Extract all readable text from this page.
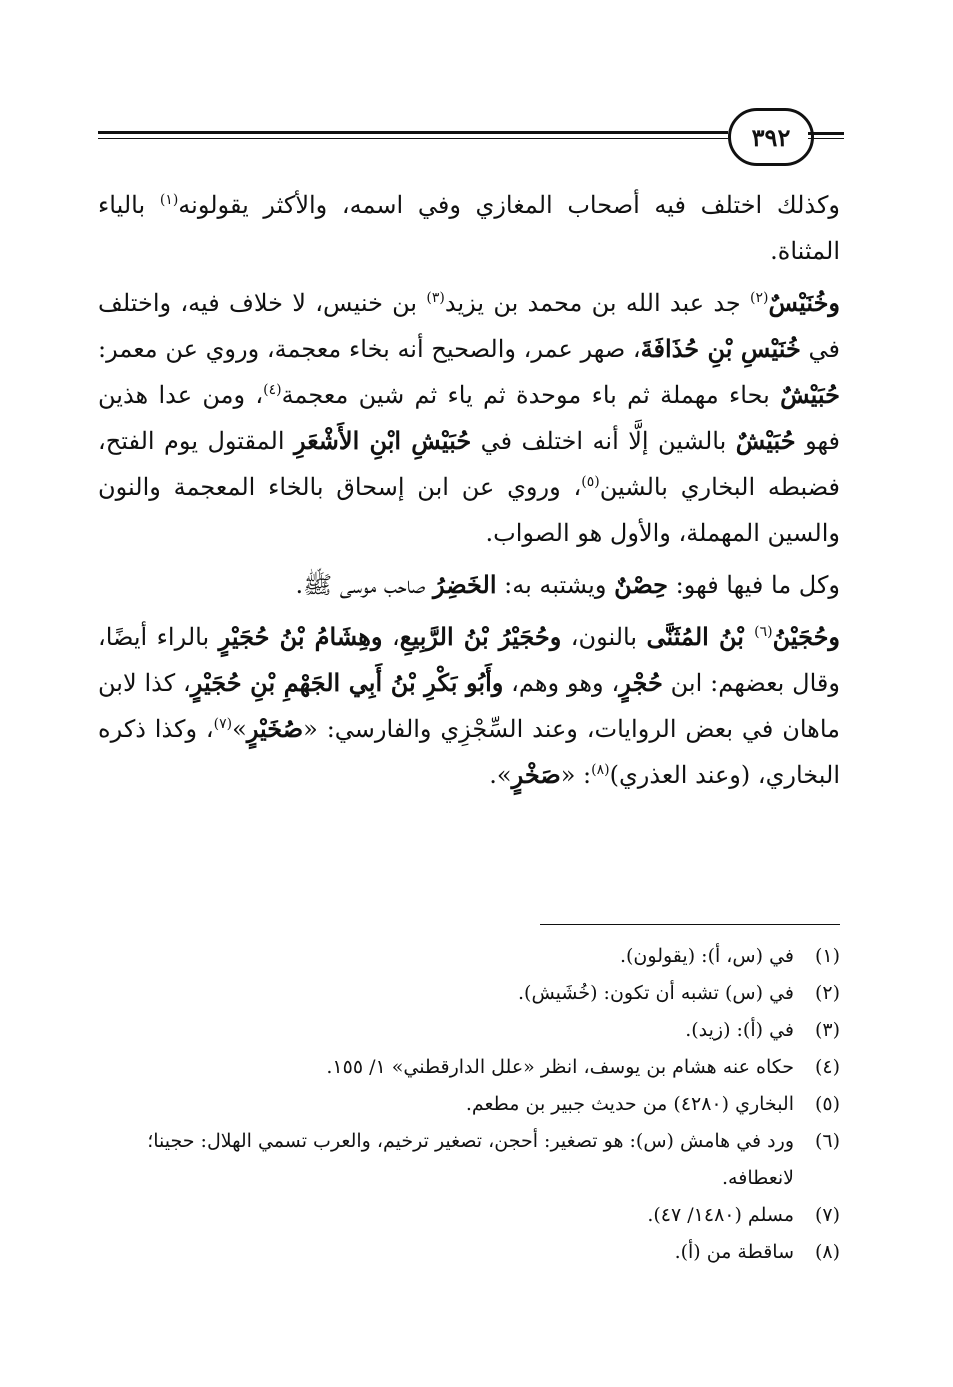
٣٩٢

وكذلك اختلف فيه أصحاب المغازي وفي اسمه، والأكثر يقولونه$^{(١)}$ بالياء المثناة.

وخُنَيْسٌ$^{(٢)}$ جد عبد الله بن محمد بن يزيد$^{(٣)}$ بن خنيس، لا خلاف فيه، واختلف في خُنَيْسِ بْنِ حُذَافَةَ، صهر عمر، والصحيح أنه بخاء معجمة، وروي عن معمر: حُبَيْشٌ بحاء مهملة ثم باء موحدة ثم ياء ثم شين معجمة$^{(٤)}$، ومن عدا هذين فهو حُبَيْشٌ بالشين إلَّا أنه اختلف في حُبَيْشِ ابْنِ الأَشْعَرِ المقتول يوم الفتح، فضبطه البخاري بالشين$^{(٥)}$، وروي عن ابن إسحاق بالخاء المعجمة والنون والسين المهملة، والأول هو الصواب.

وكل ما فيها فهو: حِصْنٌ ويشتبه به: الخَضِرُ صاحب موسى ﷺ.

وحُجَيْنُ$^{(٦)}$ بْنُ المُثَنَّى بالنون، وحُجَيْرُ بْنُ الرَّبِيعِ، وهِشَامُ بْنُ حُجَيْرٍ بالراء أيضًا، وقال بعضهم: ابن حُجْرٍ، وهو وهم، وأَبُو بَكْرِ بْنُ أَبِي الجَهْمِ بْنِ حُجَيْرٍ، كذا لابن ماهان في بعض الروايات، وعند السِّجْزِي والفارسي: «صُخَيْرٍ»$^{(٧)}$، وكذا ذكره البخاري، (وعند العذري)$^{(٨)}$: «صَخْرٍ».

(١)
في (س، أ): (يقولون).
(٢)
في (س) تشبه أن تكون: (خُشَيش).
(٣)
في (أ): (زيد).
(٤)
حكاه عنه هشام بن يوسف، انظر «علل الدارقطني» ١/ ١٥٥.
(٥)
البخاري (٤٢٨٠) من حديث جبير بن مطعم.
(٦)
ورد في هامش (س): هو تصغير: أحجن، تصغير ترخيم، والعرب تسمي الهلال: حجينا؛ لانعطافه.
(٧)
مسلم (١٤٨٠/ ٤٧).
(٨)
ساقطة من (أ).
